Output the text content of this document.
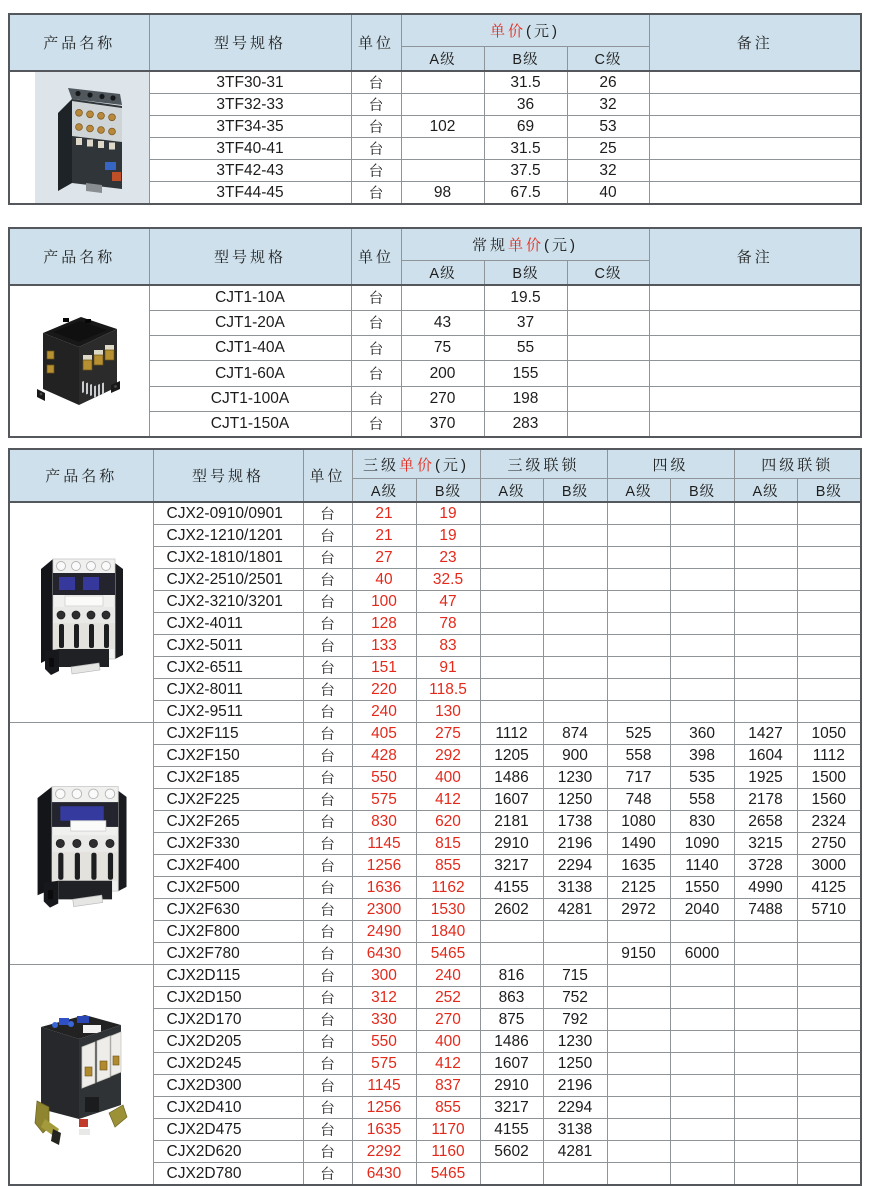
产品名称	型号规格	单位	单价(元)			备注
			A级	B级	C级	

	3TF30-31	台		31.5	26	
	3TF32-33	台		36	32	
	3TF34-35	台	102	69	53	
	3TF40-41	台		31.5	25	
	3TF42-43	台		37.5	32	
	3TF44-45	台	98	67.5	40	
产品名称	型号规格	单位	常规单价(元)			备注
			A级	B级	C级	

	CJT1-10A	台		19.5		
	CJT1-20A	台	43	37		
	CJT1-40A	台	75	55		
	CJT1-60A	台	200	155		
	CJT1-100A	台	270	198		
	CJT1-150A	台	370	283		
产品名称	型号规格	单位	三级单价(元)		三级联锁		四级		四级联锁	
			A级	B级	A级	B级	A级	B级	A级	B级

	CJX2-0910/0901	台	21	19						
	CJX2-1210/1201	台	21	19						
	CJX2-1810/1801	台	27	23						
	CJX2-2510/2501	台	40	32.5						
	CJX2-3210/3201	台	100	47						
	CJX2-4011	台	128	78						
	CJX2-5011	台	133	83						
	CJX2-6511	台	151	91						
	CJX2-8011	台	220	118.5						
	CJX2-9511	台	240	130						

	CJX2F115	台	405	275	1112	874	525	360	1427	1050
	CJX2F150	台	428	292	1205	900	558	398	1604	1112
	CJX2F185	台	550	400	1486	1230	717	535	1925	1500
	CJX2F225	台	575	412	1607	1250	748	558	2178	1560
	CJX2F265	台	830	620	2181	1738	1080	830	2658	2324
	CJX2F330	台	1145	815	2910	2196	1490	1090	3215	2750
	CJX2F400	台	1256	855	3217	2294	1635	1140	3728	3000
	CJX2F500	台	1636	1162	4155	3138	2125	1550	4990	4125
	CJX2F630	台	2300	1530	2602	4281	2972	2040	7488	5710
	CJX2F800	台	2490	1840						
	CJX2F780	台	6430	5465			9150	6000		

	CJX2D115	台	300	240	816	715				
	CJX2D150	台	312	252	863	752				
	CJX2D170	台	330	270	875	792				
	CJX2D205	台	550	400	1486	1230				
	CJX2D245	台	575	412	1607	1250				
	CJX2D300	台	1145	837	2910	2196				
	CJX2D410	台	1256	855	3217	2294				
	CJX2D475	台	1635	1170	4155	3138				
	CJX2D620	台	2292	1160	5602	4281				
	CJX2D780	台	6430	5465						
